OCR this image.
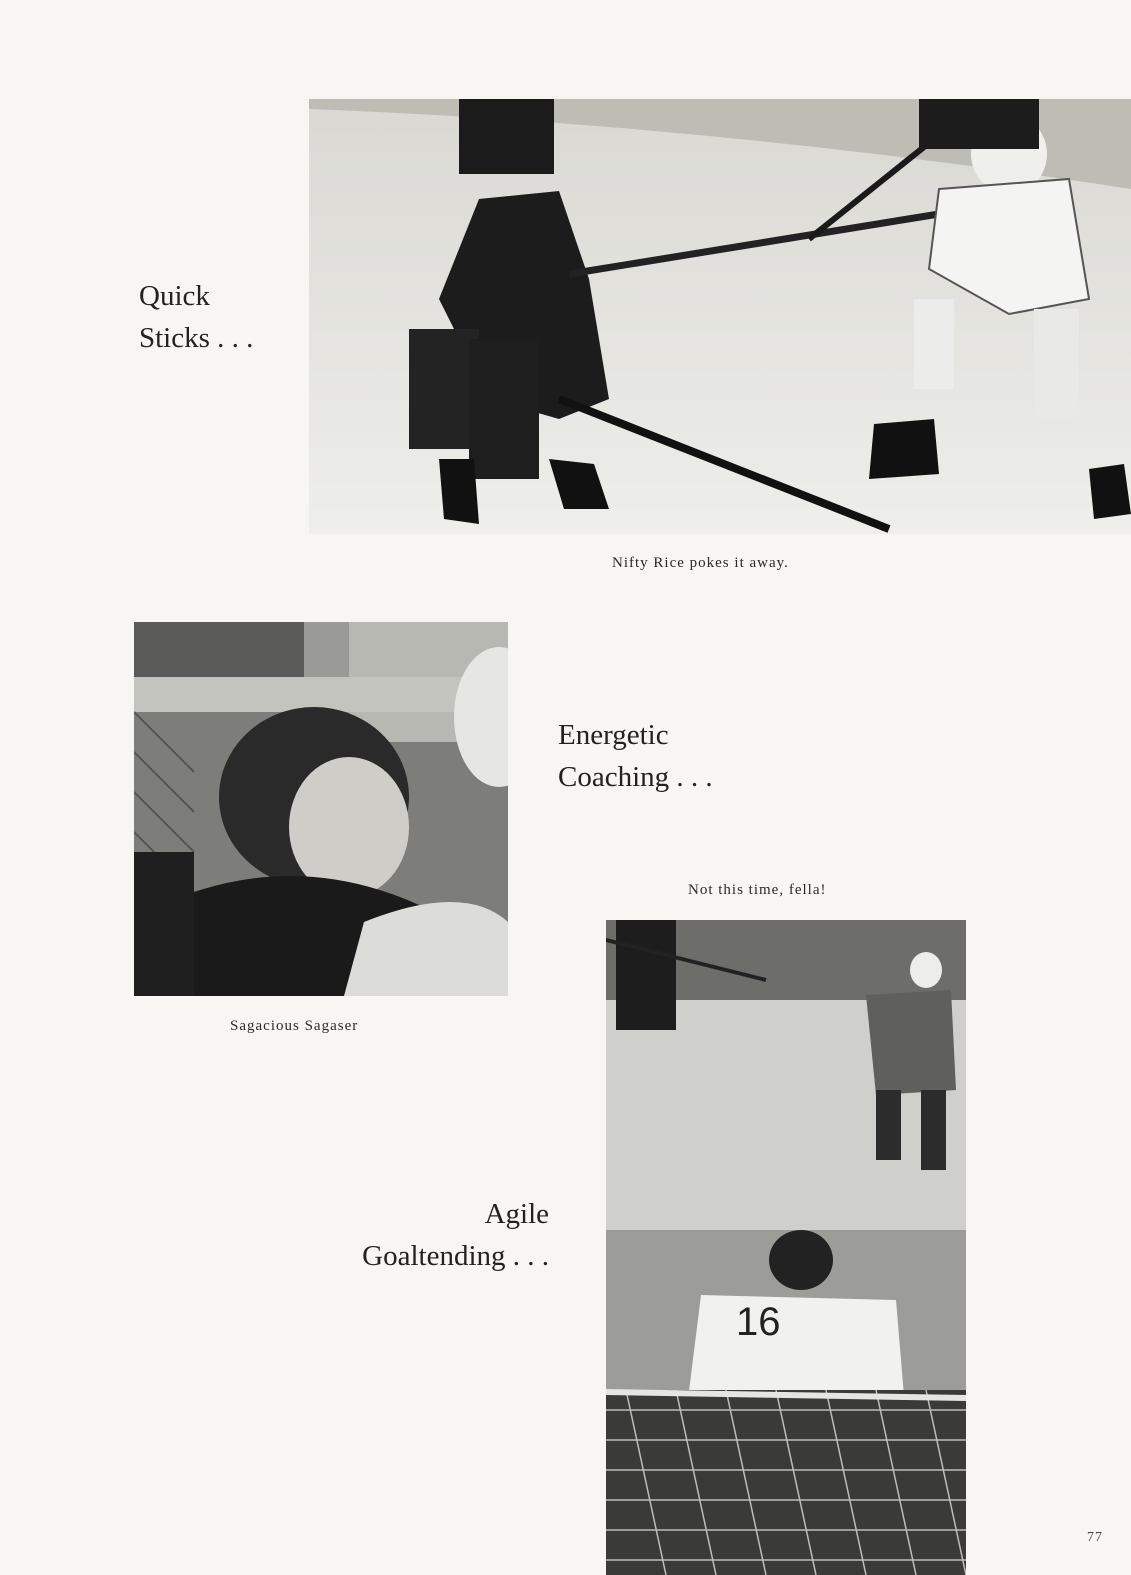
Nifty Rice pokes it away.
Quick
Sticks . . .
Sagacious Sagaser
Energetic
Coaching . . .
Not this time, fella!
16
Agile
Goaltending . . .
77
